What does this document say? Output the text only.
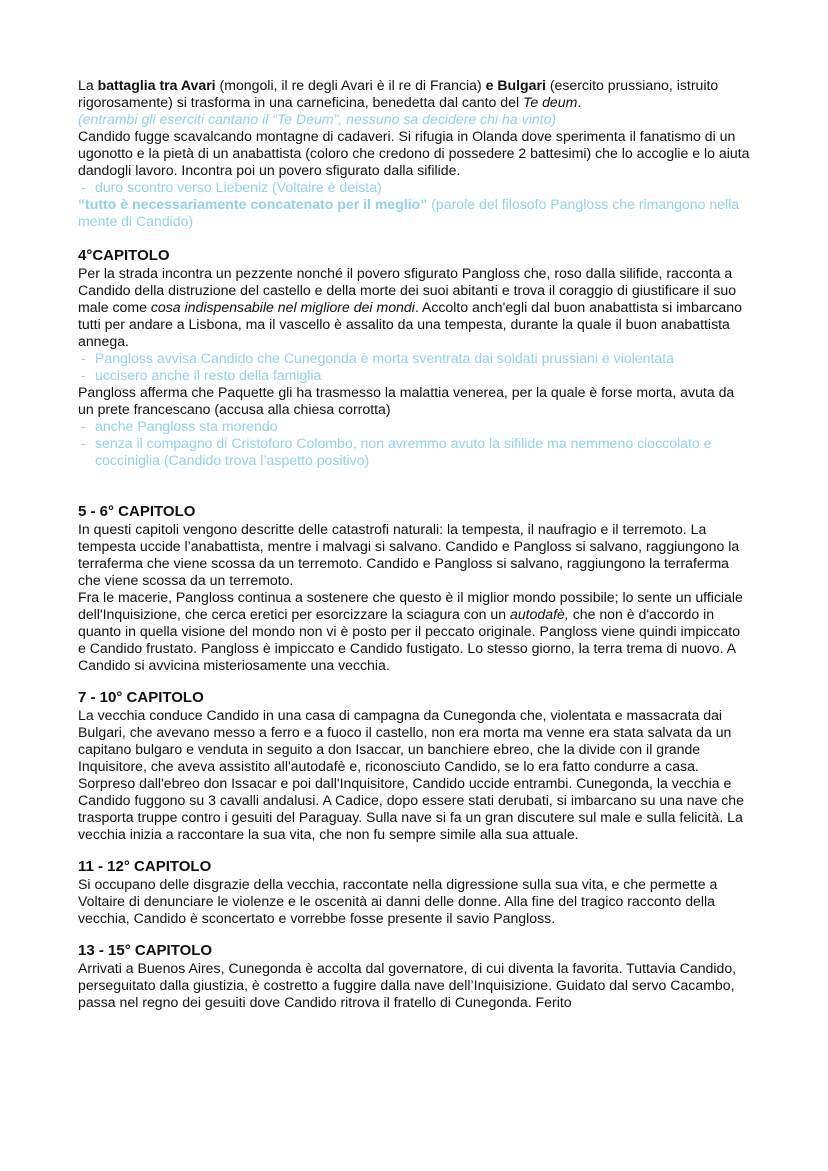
La battaglia tra Avari (mongoli, il re degli Avari è il re di Francia) e Bulgari (esercito prussiano, istruito rigorosamente) si trasforma in una carneficina, benedetta dal canto del Te deum.

(entrambi gli eserciti cantano il “Te Deum”, nessuno sa decidere chi ha vinto)

Candido fugge scavalcando montagne di cadaveri. Si rifugia in Olanda dove sperimenta il fanatismo di un ugonotto e la pietà di un anabattista (coloro che credono di possedere 2 battesimi) che lo accoglie e lo aiuta dandogli lavoro. Incontra poi un povero sfigurato dalla sifilide.

- duro scontro verso Liebeniz (Voltaire è deista)

“tutto è necessariamente concatenato per il meglio” (parole del filosofo Pangloss che rimangono nella mente di Candido)

4°CAPITOLO

Per la strada incontra un pezzente nonché il povero sfigurato Pangloss che, roso dalla silifide, racconta a Candido della distruzione del castello e della morte dei suoi abitanti e trova il coraggio di giustificare il suo male come cosa indispensabile nel migliore dei mondi. Accolto anch'egli dal buon anabattista si imbarcano tutti per andare a Lisbona, ma il vascello è assalito da una tempesta, durante la quale il buon anabattista annega.

- Pangloss avvisa Candido che Cunegonda è morta sventrata dai soldati prussiani e violentata

- uccisero anche il resto della famiglia

Pangloss afferma che Paquette gli ha trasmesso la malattia venerea, per la quale è forse morta, avuta da un prete francescano (accusa alla chiesa corrotta)

- anche Pangloss sta morendo

- senza il compagno di Cristoforo Colombo, non avremmo avuto la sifilide ma nemmeno cioccolato e coccinigliа (Candido trova l’aspetto positivo)

5 - 6° CAPITOLO

In questi capitoli vengono descritte delle catastrofi naturali: la tempesta, il naufragio e il terremoto. La tempesta uccide l’anabattista, mentre i malvagi si salvano. Candido e Pangloss si salvano, raggiungono la terraferma che viene scossa da un terremoto. Candido e Pangloss si salvano, raggiungono la terraferma che viene scossa da un terremoto.

Fra le macerie, Pangloss continua a sostenere che questo è il miglior mondo possibile; lo sente un ufficiale dell'Inquisizione, che cerca eretici per esorcizzare la sciagura con un autodafè, che non è d'accordo in quanto in quella visione del mondo non vi è posto per il peccato originale. Pangloss viene quindi impiccato e Candido frustato. Pangloss è impiccato e Candido fustigato. Lo stesso giorno, la terra trema di nuovo. A Candido si avvicina misteriosamente una vecchia.

7 - 10° CAPITOLO

La vecchia conduce Candido in una casa di campagna da Cunegonda che, violentata e massacrata dai Bulgari, che avevano messo a ferro e a fuoco il castello, non era morta ma venne era stata salvata da un capitano bulgaro e venduta in seguito a don Isaccar, un banchiere ebreo, che la divide con il grande Inquisitore, che aveva assistito all'autodafè e, riconosciuto Candido, se lo era fatto condurre a casa.

Sorpreso dall'ebreo don Issacar e poi dall'Inquisitore, Candido uccide entrambi. Cunegonda, la vecchia e Candido fuggono su 3 cavalli andalusi. A Cadice, dopo essere stati derubati, si imbarcano su una nave che trasporta truppe contro i gesuiti del Paraguay. Sulla nave si fa un gran discutere sul male e sulla felicità. La vecchia inizia a raccontare la sua vita, che non fu sempre simile alla sua attuale.

11 - 12° CAPITOLO

Si occupano delle disgrazie della vecchia, raccontate nella digressione sulla sua vita, e che permette a Voltaire di denunciare le violenze e le oscenità ai danni delle donne. Alla fine del tragico racconto della vecchia, Candido è sconcertato e vorrebbe fosse presente il savio Pangloss.

13 - 15° CAPITOLO

Arrivati a Buenos Aires, Cunegonda è accolta dal governatore, di cui diventa la favorita. Tuttavia Candido, perseguitato dalla giustizia, è costretto a fuggire dalla nave dell’Inquisizione. Guidato dal servo Cacambo, passa nel regno dei gesuiti dove Candido ritrova il fratello di Cunegonda. Ferito
